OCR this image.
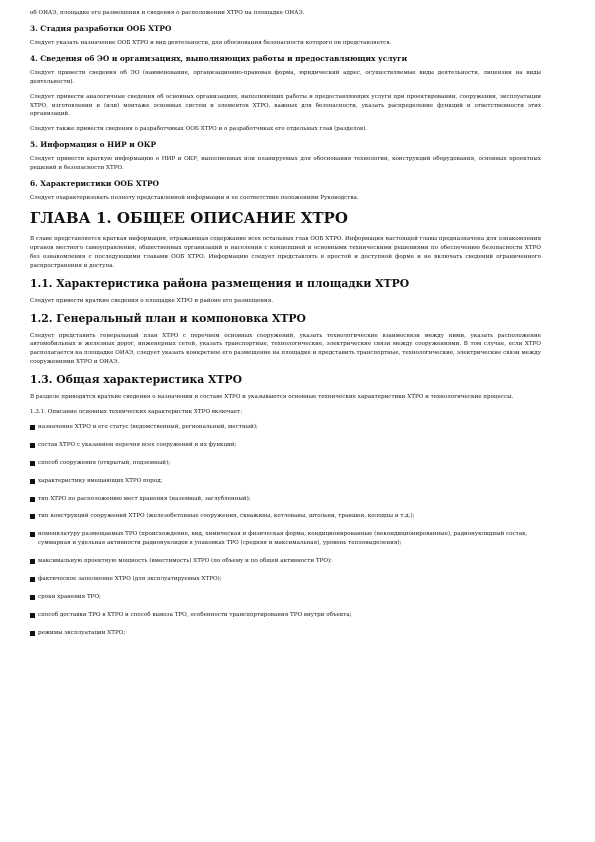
об ОИАЭ, площадке его размещения и сведения о расположении ХТРО на площадке ОИАЭ.

3. Стадия разработки ООБ ХТРО

Следует указать назначение ООБ ХТРО и вид деятельности, для обоснования безопасности которого он представляется.

4. Сведения об ЭО и организациях, выполняющих работы и предоставляющих услуги

Следует привести сведения об ЭО (наименование, организационно-правовая форма, юридический адрес, осуществляемые виды деятельности, лицензии на виды деятельности).

Следует привести аналогичные сведения об основных организациях, выполняющих работы и предоставляющих услуги при проектировании, сооружении, эксплуатации ХТРО, изготовлении и (или) монтаже основных систем и элементов ХТРО, важных для безопасности, указать распределение функций и ответственности этих организаций.

Следует также привести сведения о разработчиках ООБ ХТРО и о разработчиках его отдельных глав (разделов).

5. Информация о НИР и ОКР

Следует привести краткую информацию о НИР и ОКР, выполненных или планируемых для обоснования технологии, конструкций оборудования, основных проектных решений и безопасности ХТРО.

6. Характеристики ООБ ХТРО

Следует охарактеризовать полноту представленной информации и ее соответствие положениям Руководства.

ГЛАВА 1. ОБЩЕЕ ОПИСАНИЕ ХТРО

В главе представляется краткая информация, отражающая содержание всех остальных глав ООБ ХТРО. Информация настоящей главы предназначена для ознакомления органов местного самоуправления, общественных организаций и населения с концепцией и основными техническими решениями по обеспечению безопасности ХТРО без ознакомления с последующими главами ООБ ХТРО. Информацию следует представлять в простой и доступной форме и не включать сведений ограниченного распространения и доступа.

1.1. Характеристика района размещения и площадки ХТРО

Следует привести краткие сведения о площадке ХТРО и районе его размещения.

1.2. Генеральный план и компоновка ХТРО

Следует представить генеральный план ХТРО с перечнем основных сооружений, указать технологические взаимосвязи между ними, указать расположение автомобильных и железных дорог, инженерных сетей, указать транспортные, технологические, электрические связи между сооружениями. В том случае, если ХТРО располагается на площадке ОИАЭ, следует указать конкретное его размещение на площадке и представить транспортные, технологические, электрические связи между сооружениями ХТРО и ОИАЭ.

1.3. Общая характеристика ХТРО

В разделе приводятся краткие сведения о назначении и составе ХТРО и указываются основные технические характеристики ХТРО и технологические процессы.

1.3.1. Описание основных технических характеристик ХТРО включает:

назначение ХТРО и его статус (ведомственный, региональный, местный);
состав ХТРО с указанием перечня всех сооружений и их функций;
способ сооружения (открытый, подземный);
характеристику вмещающих ХТРО пород;
тип ХТРО по расположению мест хранения (наземный, заглубленный);
тип конструкций сооружений ХТРО (железобетонные сооружения, скважины, котлованы, штольни, траншеи, колодцы и т.д.);
номенклатуру размещаемых ТРО (происхождение, вид, химическая и физическая форма, кондиционированные (некондиционированные), радионуклидный состав, суммарная и удельная активности радионуклидов в упаковках ТРО (средняя и максимальная), уровень тепловыделения);
максимальную проектную мощность (вместимость) ХТРО (по объему и по общей активности ТРО);
фактическое заполнение ХТРО (для эксплуатируемых ХТРО);
сроки хранения ТРО;
способ доставки ТРО в ХТРО и способ вывоза ТРО, особенности транспортирования ТРО внутри объекта;
режимы эксплуатации ХТРО;
